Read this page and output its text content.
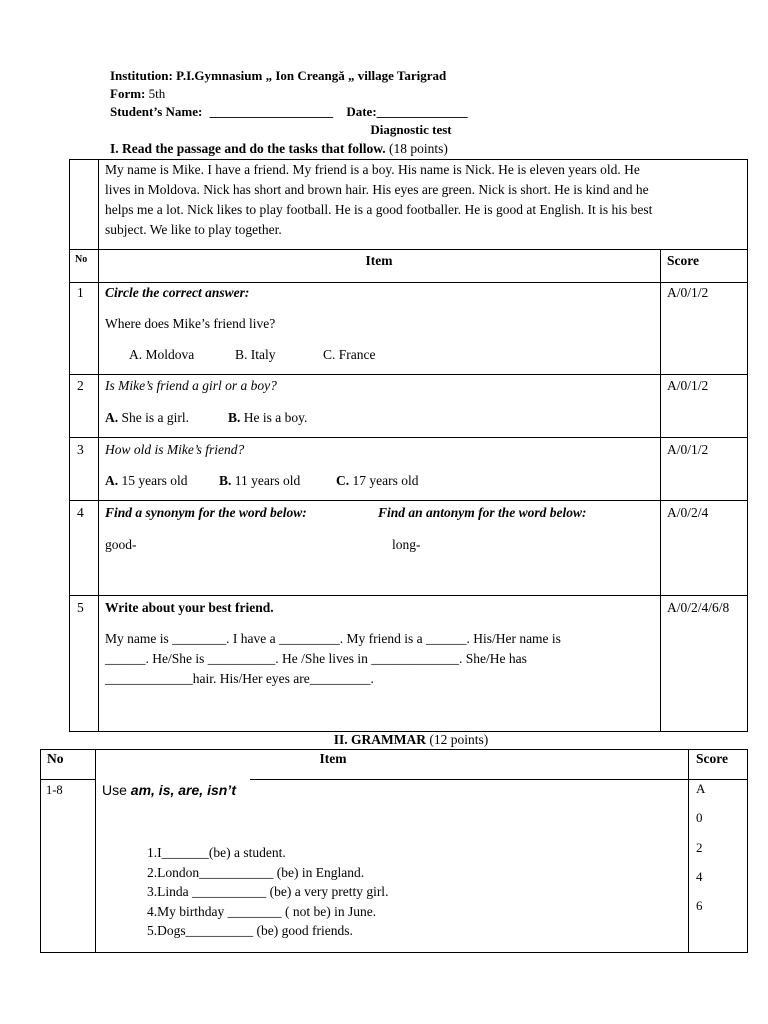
Institution: P.I.Gymnasium „ Ion Creangă „ village Tarigrad
Form: 5th
Student’s Name: ___________________ Date:______________
Diagnostic test
I. Read the passage and do the tasks that follow. (18 points)
My name is Mike. I have a friend. My friend is a boy. His name is Nick. He is eleven years old. He
lives in Moldova. Nick has short and brown hair. His eyes are green. Nick is short. He is kind and he
helps me a lot. Nick likes to play football. He is a good footballer. He is good at English. It is his best
subject. We like to play together.
No	Item	Score
1 Circle the correct answer:
Where does Mike’s friend live?
A. Moldova	B. Italy	C. France
A/0/1/2
2 Is Mike’s friend a girl or a boy?
A. She is a girl.	B. He is a boy.
A/0/1/2
3 How old is Mike’s friend?
A. 15 years old B. 11 years old	C. 17 years old
A/0/1/2
4 Find a synonym for the word below:	Find an antonym for the word below:
good-	long-
A/0/2/4
5 Write about your best friend.
My name is ________. I have a _________. My friend is a ______. His/Her name is
______. He/She is __________. He /She lives in _____________. She/He has
_____________hair. His/Her eyes are_________.
A/0/2/4/6/8
II. GRAMMAR (12 points)
No	Item	Score
1-8	Use am, is, are, isn’t
1.I_______(be) a student.
2.London___________ (be) in England.
3.Linda ___________ (be) a very pretty girl.
4.My birthday ________ ( not be) in June.
5.Dogs__________ (be) good friends.
A
0
2
4
6
